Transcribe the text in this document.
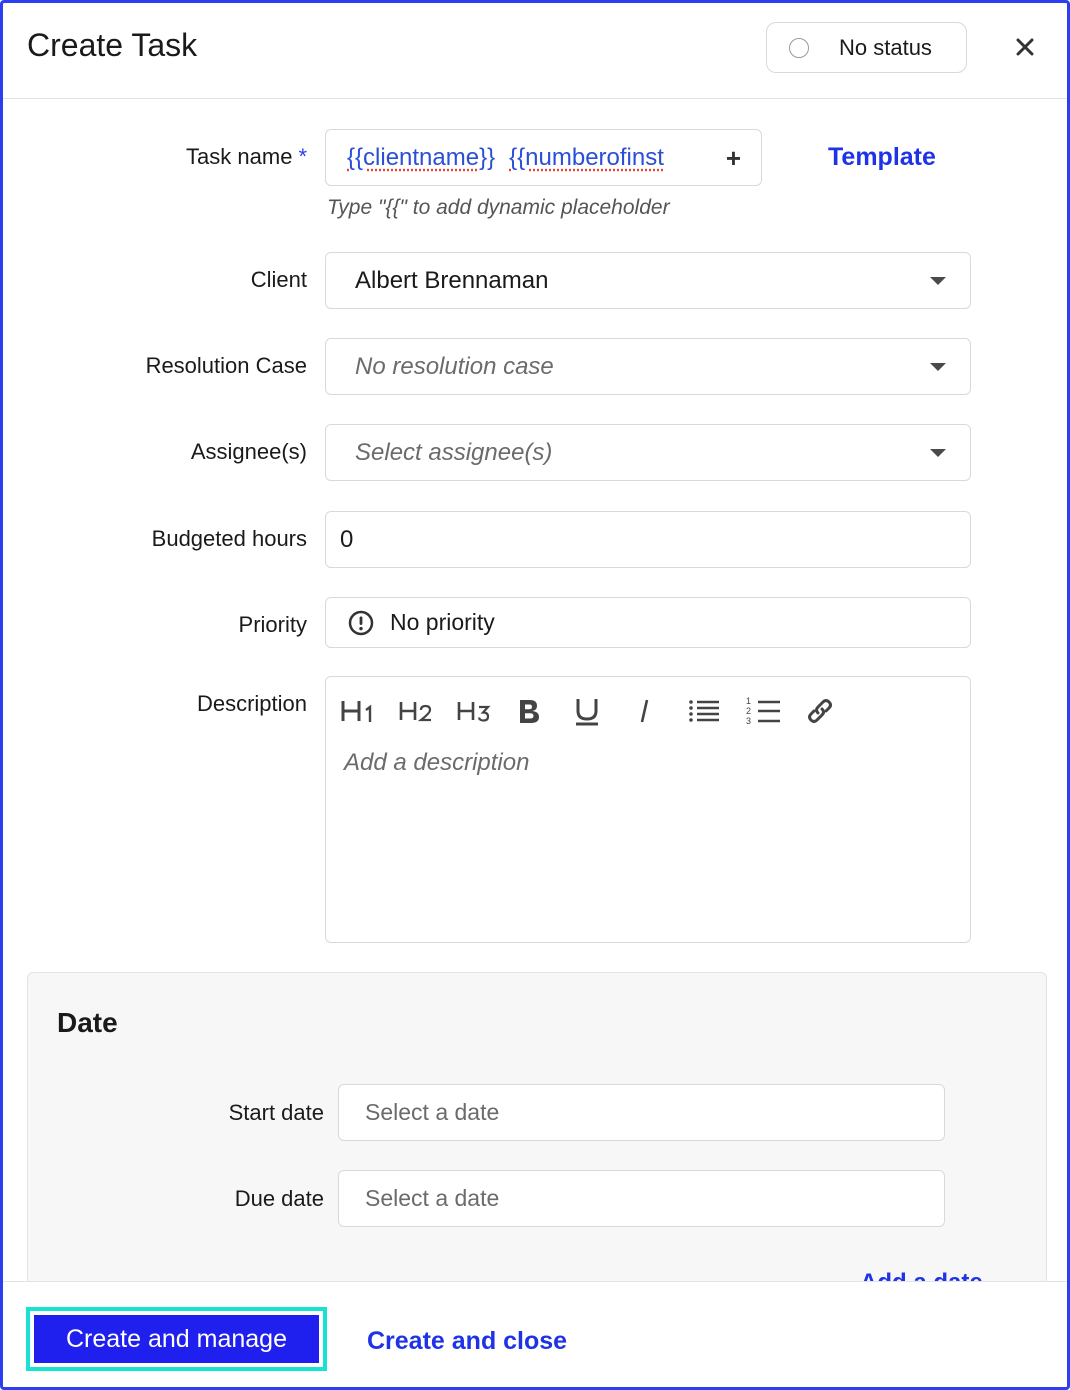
Create Task	No status
Task name * {{clientname}} {{numberofinst +
Type "{{" to add dynamic placeholder
Template
Client Albert Brennaman
Resolution Case No resolution case
Assignee(s) Select assignee(s)
Budgeted hours 0
Priority	No priority
Description	1
2
3
Add a description
Date
Start date Select a date
Due date Select a date
Create and manage	Create and close
